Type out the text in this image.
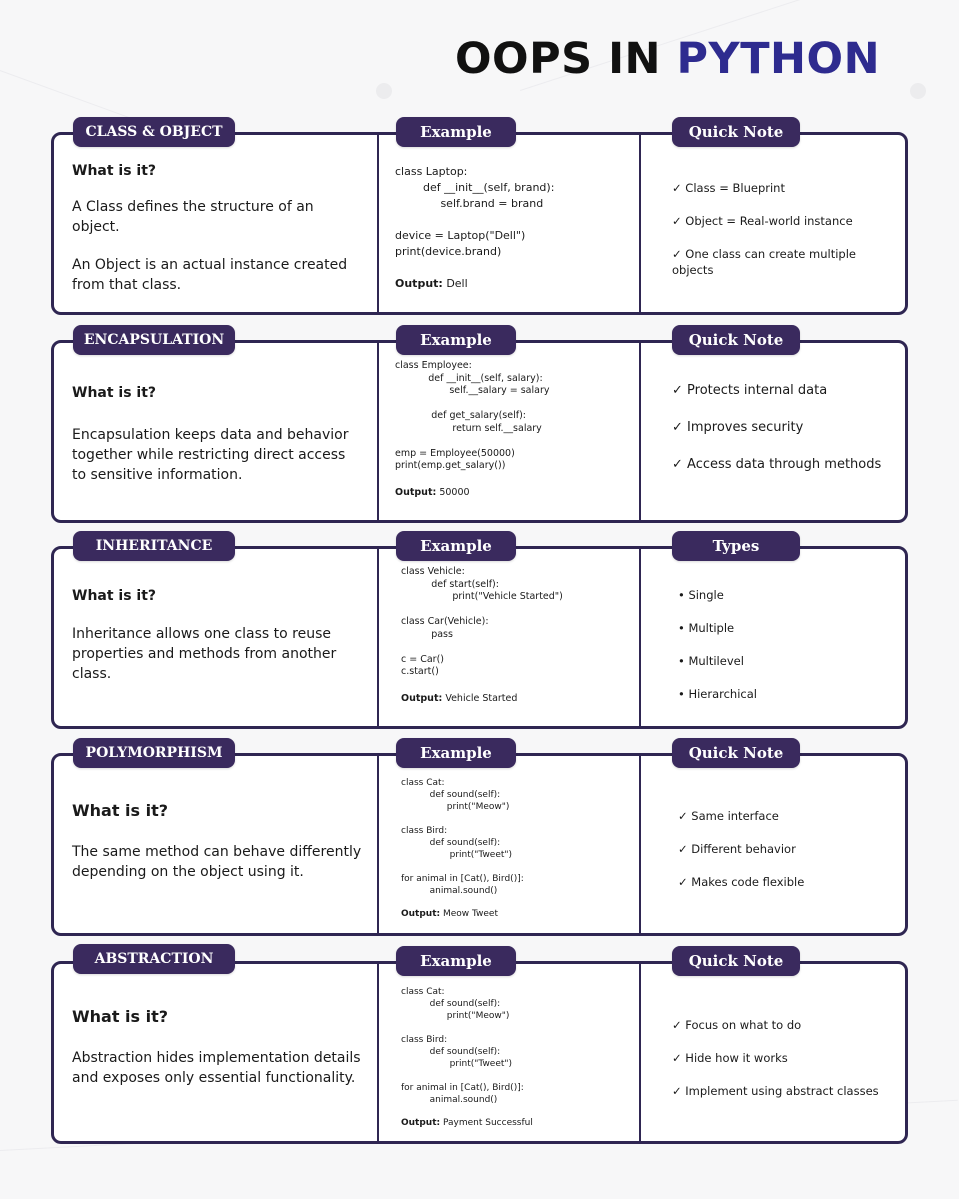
OOPS IN PYTHON
CLASS & OBJECT	Example	Quick Note

What is it?

A Class defines the structure of an object.

An Object is an actual instance created from that class.

class Laptop:
def __init__(self, brand):
self.brand = brand

device = Laptop("Dell")
print(device.brand)

Output: Dell

✓ Class = Blueprint

✓ Object = Real-world instance

✓ One class can create multiple objects

ENCAPSULATION	Example	Quick Note

What is it?

Encapsulation keeps data and behavior together while restricting direct access to sensitive information.

class Employee:
def __init__(self, salary):
self.__salary = salary

def get_salary(self):
return self.__salary

emp = Employee(50000)
print(emp.get_salary())

Output: 50000

✓ Protects internal data

✓ Improves security

✓ Access data through methods

INHERITANCE	Example	Types

What is it?

Inheritance allows one class to reuse properties and methods from another class.

class Vehicle:
def start(self):
print("Vehicle Started")

class Car(Vehicle):
pass

c = Car()
c.start()

Output: Vehicle Started

• Single

• Multiple

• Multilevel

• Hierarchical

POLYMORPHISM	Example	Quick Note

What is it?

The same method can behave differently depending on the object using it.

class Cat:
def sound(self):
print("Meow")

class Bird:
def sound(self):
print("Tweet")

for animal in [Cat(), Bird()]:
animal.sound()

Output: Meow Tweet

✓ Same interface

✓ Different behavior

✓ Makes code flexible

ABSTRACTION	Example	Quick Note

What is it?

Abstraction hides implementation details and exposes only essential functionality.

class Cat:
def sound(self):
print("Meow")

class Bird:
def sound(self):
print("Tweet")

for animal in [Cat(), Bird()]:
animal.sound()

Output: Payment Successful

✓ Focus on what to do

✓ Hide how it works

✓ Implement using abstract classes
